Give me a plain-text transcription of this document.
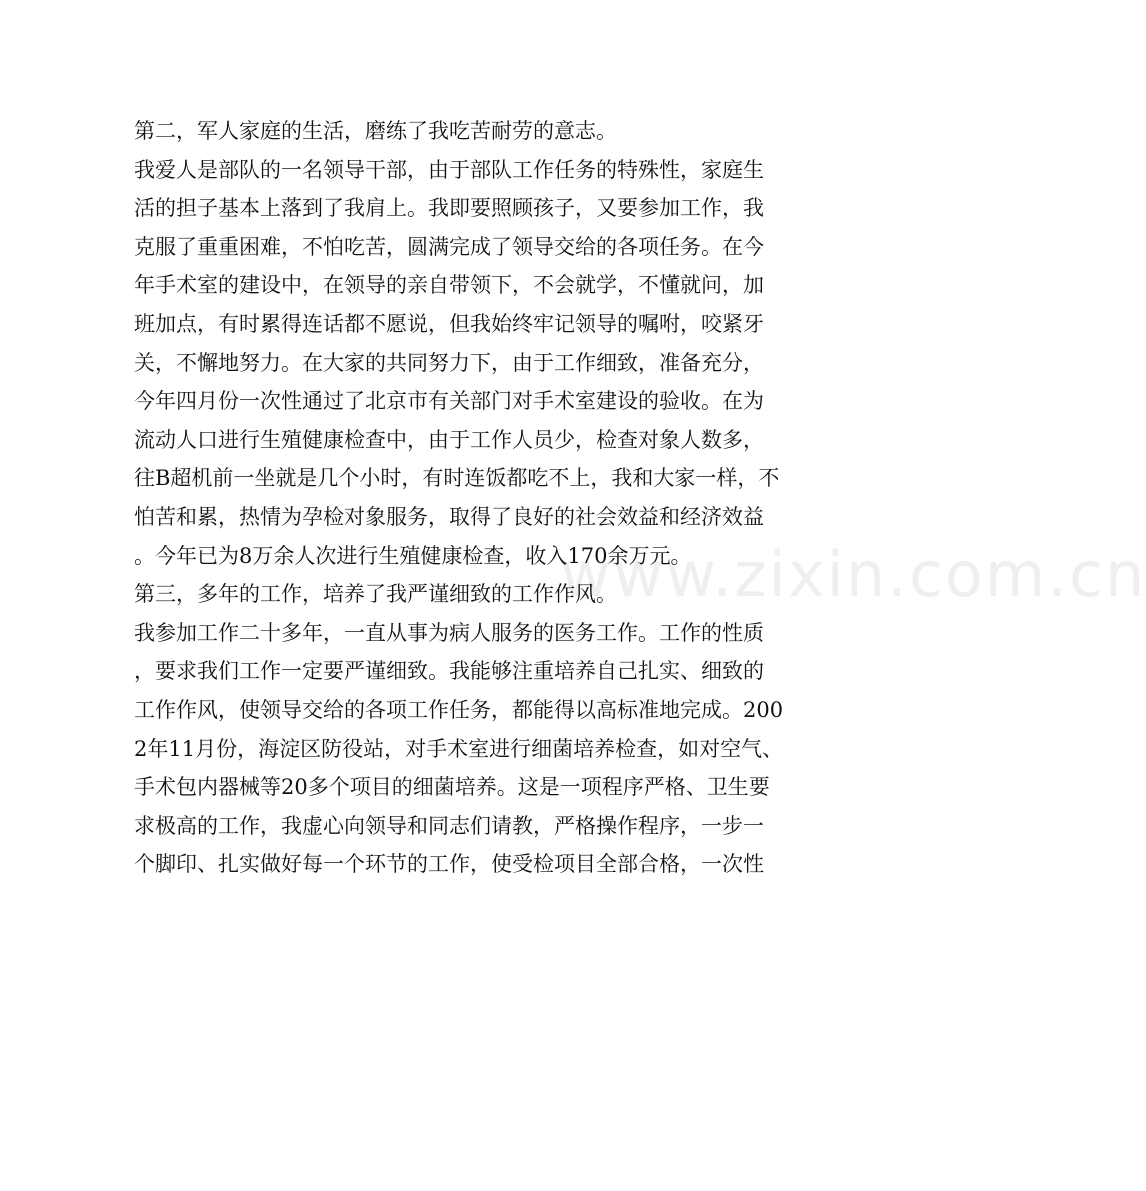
www.zixin.com.cn
第二，军人家庭的生活，磨练了我吃苦耐劳的意志。
我爱人是部队的一名领导干部，由于部队工作任务的特殊性，家庭生
活的担子基本上落到了我肩上。我即要照顾孩子，又要参加工作，我
克服了重重困难，不怕吃苦，圆满完成了领导交给的各项任务。在今
年手术室的建设中，在领导的亲自带领下，不会就学，不懂就问，加
班加点，有时累得连话都不愿说，但我始终牢记领导的嘱咐，咬紧牙
关，不懈地努力。在大家的共同努力下，由于工作细致，准备充分，
今年四月份一次性通过了北京市有关部门对手术室建设的验收。在为
流动人口进行生殖健康检查中，由于工作人员少，检查对象人数多，
往B超机前一坐就是几个小时，有时连饭都吃不上，我和大家一样，不
怕苦和累，热情为孕检对象服务，取得了良好的社会效益和经济效益
。今年已为8万余人次进行生殖健康检查，收入170余万元。
第三，多年的工作，培养了我严谨细致的工作作风。
我参加工作二十多年，一直从事为病人服务的医务工作。工作的性质
，要求我们工作一定要严谨细致。我能够注重培养自己扎实、细致的
工作作风，使领导交给的各项工作任务，都能得以高标准地完成。200
2年11月份，海淀区防役站，对手术室进行细菌培养检查，如对空气、
手术包内器械等20多个项目的细菌培养。这是一项程序严格、卫生要
求极高的工作，我虚心向领导和同志们请教，严格操作程序，一步一
个脚印、扎实做好每一个环节的工作，使受检项目全部合格，一次性
